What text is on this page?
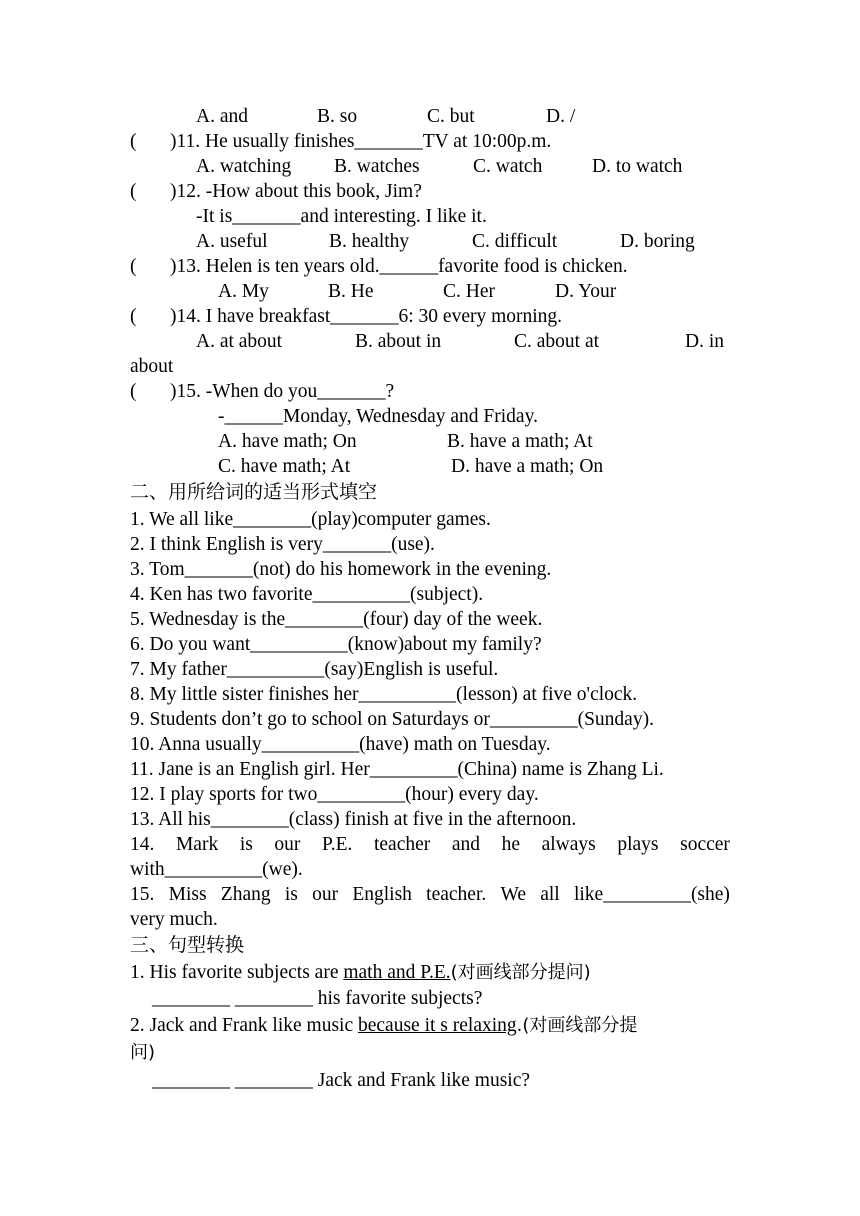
A. and	B. so	C. but	D. /
( )11. He usually finishes_______TV at 10:00p.m.
A. watching B. watches	C. watch	D. to watch
( )12. -How about this book, Jim?
-It is_______and interesting. I like it.
A. useful	B. healthy	C. difficult	D. boring
( )13. Helen is ten years old.______favorite food is chicken.
A. My	B. He	C. Her	D. Your
( )14. I have breakfast_______6: 30 every morning.
A. at about	B. about in	C. about at	D. in
about
( )15. -When do you_______?
-______Monday, Wednesday and Friday.
A. have math; On	B. have a math; At
C. have math; At	D. have a math; On
二、用所给词的适当形式填空
1. We all like________(play)computer games.
2. I think English is very_______(use).
3. Tom_______(not) do his homework in the evening.
4. Ken has two favorite__________(subject).
5. Wednesday is the________(four) day of the week.
6. Do you want__________(know)about my family?
7. My father__________(say)English is useful.
8. My little sister finishes her__________(lesson) at five o'clock.
9. Students don’t go to school on Saturdays or_________(Sunday).
10. Anna usually__________(have) math on Tuesday.
11. Jane is an English girl. Her_________(China) name is Zhang Li.
12. I play sports for two_________(hour) every day.
13. All his________(class) finish at five in the afternoon.
14. Mark is our P.E. teacher and he always plays soccer
with__________(we).
15. Miss Zhang is our English teacher. We all like_________(she)
very much.
三、句型转换
1. His favorite subjects are math and P.E.(对画线部分提问)
________ ________ his favorite subjects?
2. Jack and Frank like music because it s relaxing.(对画线部分提
问)
________ ________ Jack and Frank like music?
